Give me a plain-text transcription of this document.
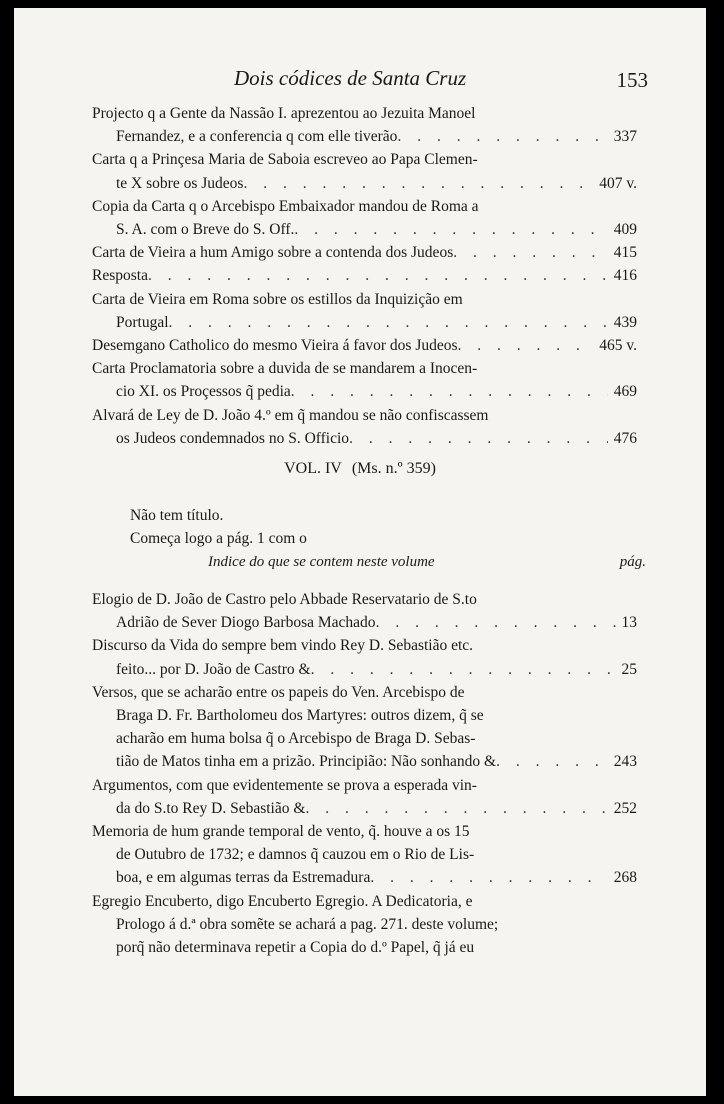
Dois códices de Santa Cruz	153
Projecto q a Gente da Nassão I. aprezentou ao Jezuita Manoel
Fernandez, e a conferencia q com elle tiverão . . .	337
Carta q a Prinçesa Maria de Saboia escreveo ao Papa Clemen-
te X sobre os Judeos . . .	407 v.
Copia da Carta q o Arcebispo Embaixador mandou de Roma a
S. A. com o Breve do S. Off. . . .	409
Carta de Vieira a hum Amigo sobre a contenda dos Judeos . . .	415
Resposta . . .	416
Carta de Vieira em Roma sobre os estillos da Inquizição em
Portugal . . .	439
Desemgano Catholico do mesmo Vieira á favor dos Judeos . . .	465 v.
Carta Proclamatoria sobre a duvida de se mandarem a Inocen-
cio XI. os Proçessos q̃ pedia . . .	469
Alvará de Ley de D. João 4.º em q̃ mandou se não confiscassem
os Judeos condemnados no S. Officio . . .	476
VOL. IV (Ms. n.º 359)
Não tem título.
Começa logo a pág. 1 com o
Indice do que se contem neste volume	pág.
Elogio de D. João de Castro pelo Abbade Reservatario de S.to
Adrião de Sever Diogo Barbosa Machado . . .	13
Discurso da Vida do sempre bem vindo Rey D. Sebastião etc.
feito... por D. João de Castro & . . .	25
Versos, que se acharão entre os papeis do Ven. Arcebispo de
Braga D. Fr. Bartholomeu dos Martyres: outros dizem, q̃ se
acharão em huma bolsa q̃ o Arcebispo de Braga D. Sebas-
tião de Matos tinha em a prizão. Principião: Não sonhando & . . .	243
Argumentos, com que evidentemente se prova a esperada vin-
da do S.to Rey D. Sebastião & . . .	252
Memoria de hum grande temporal de vento, q̃. houve a os 15
de Outubro de 1732; e damnos q̃ cauzou em o Rio de Lis-
boa, e em algumas terras da Estremadura . . .	268
Egregio Encuberto, digo Encuberto Egregio. A Dedicatoria, e
Prologo á d.ª obra somẽte se achará a pag. 271. deste volume;
porq̃ não determinava repetir a Copia do d.º Papel, q̃ já eu
